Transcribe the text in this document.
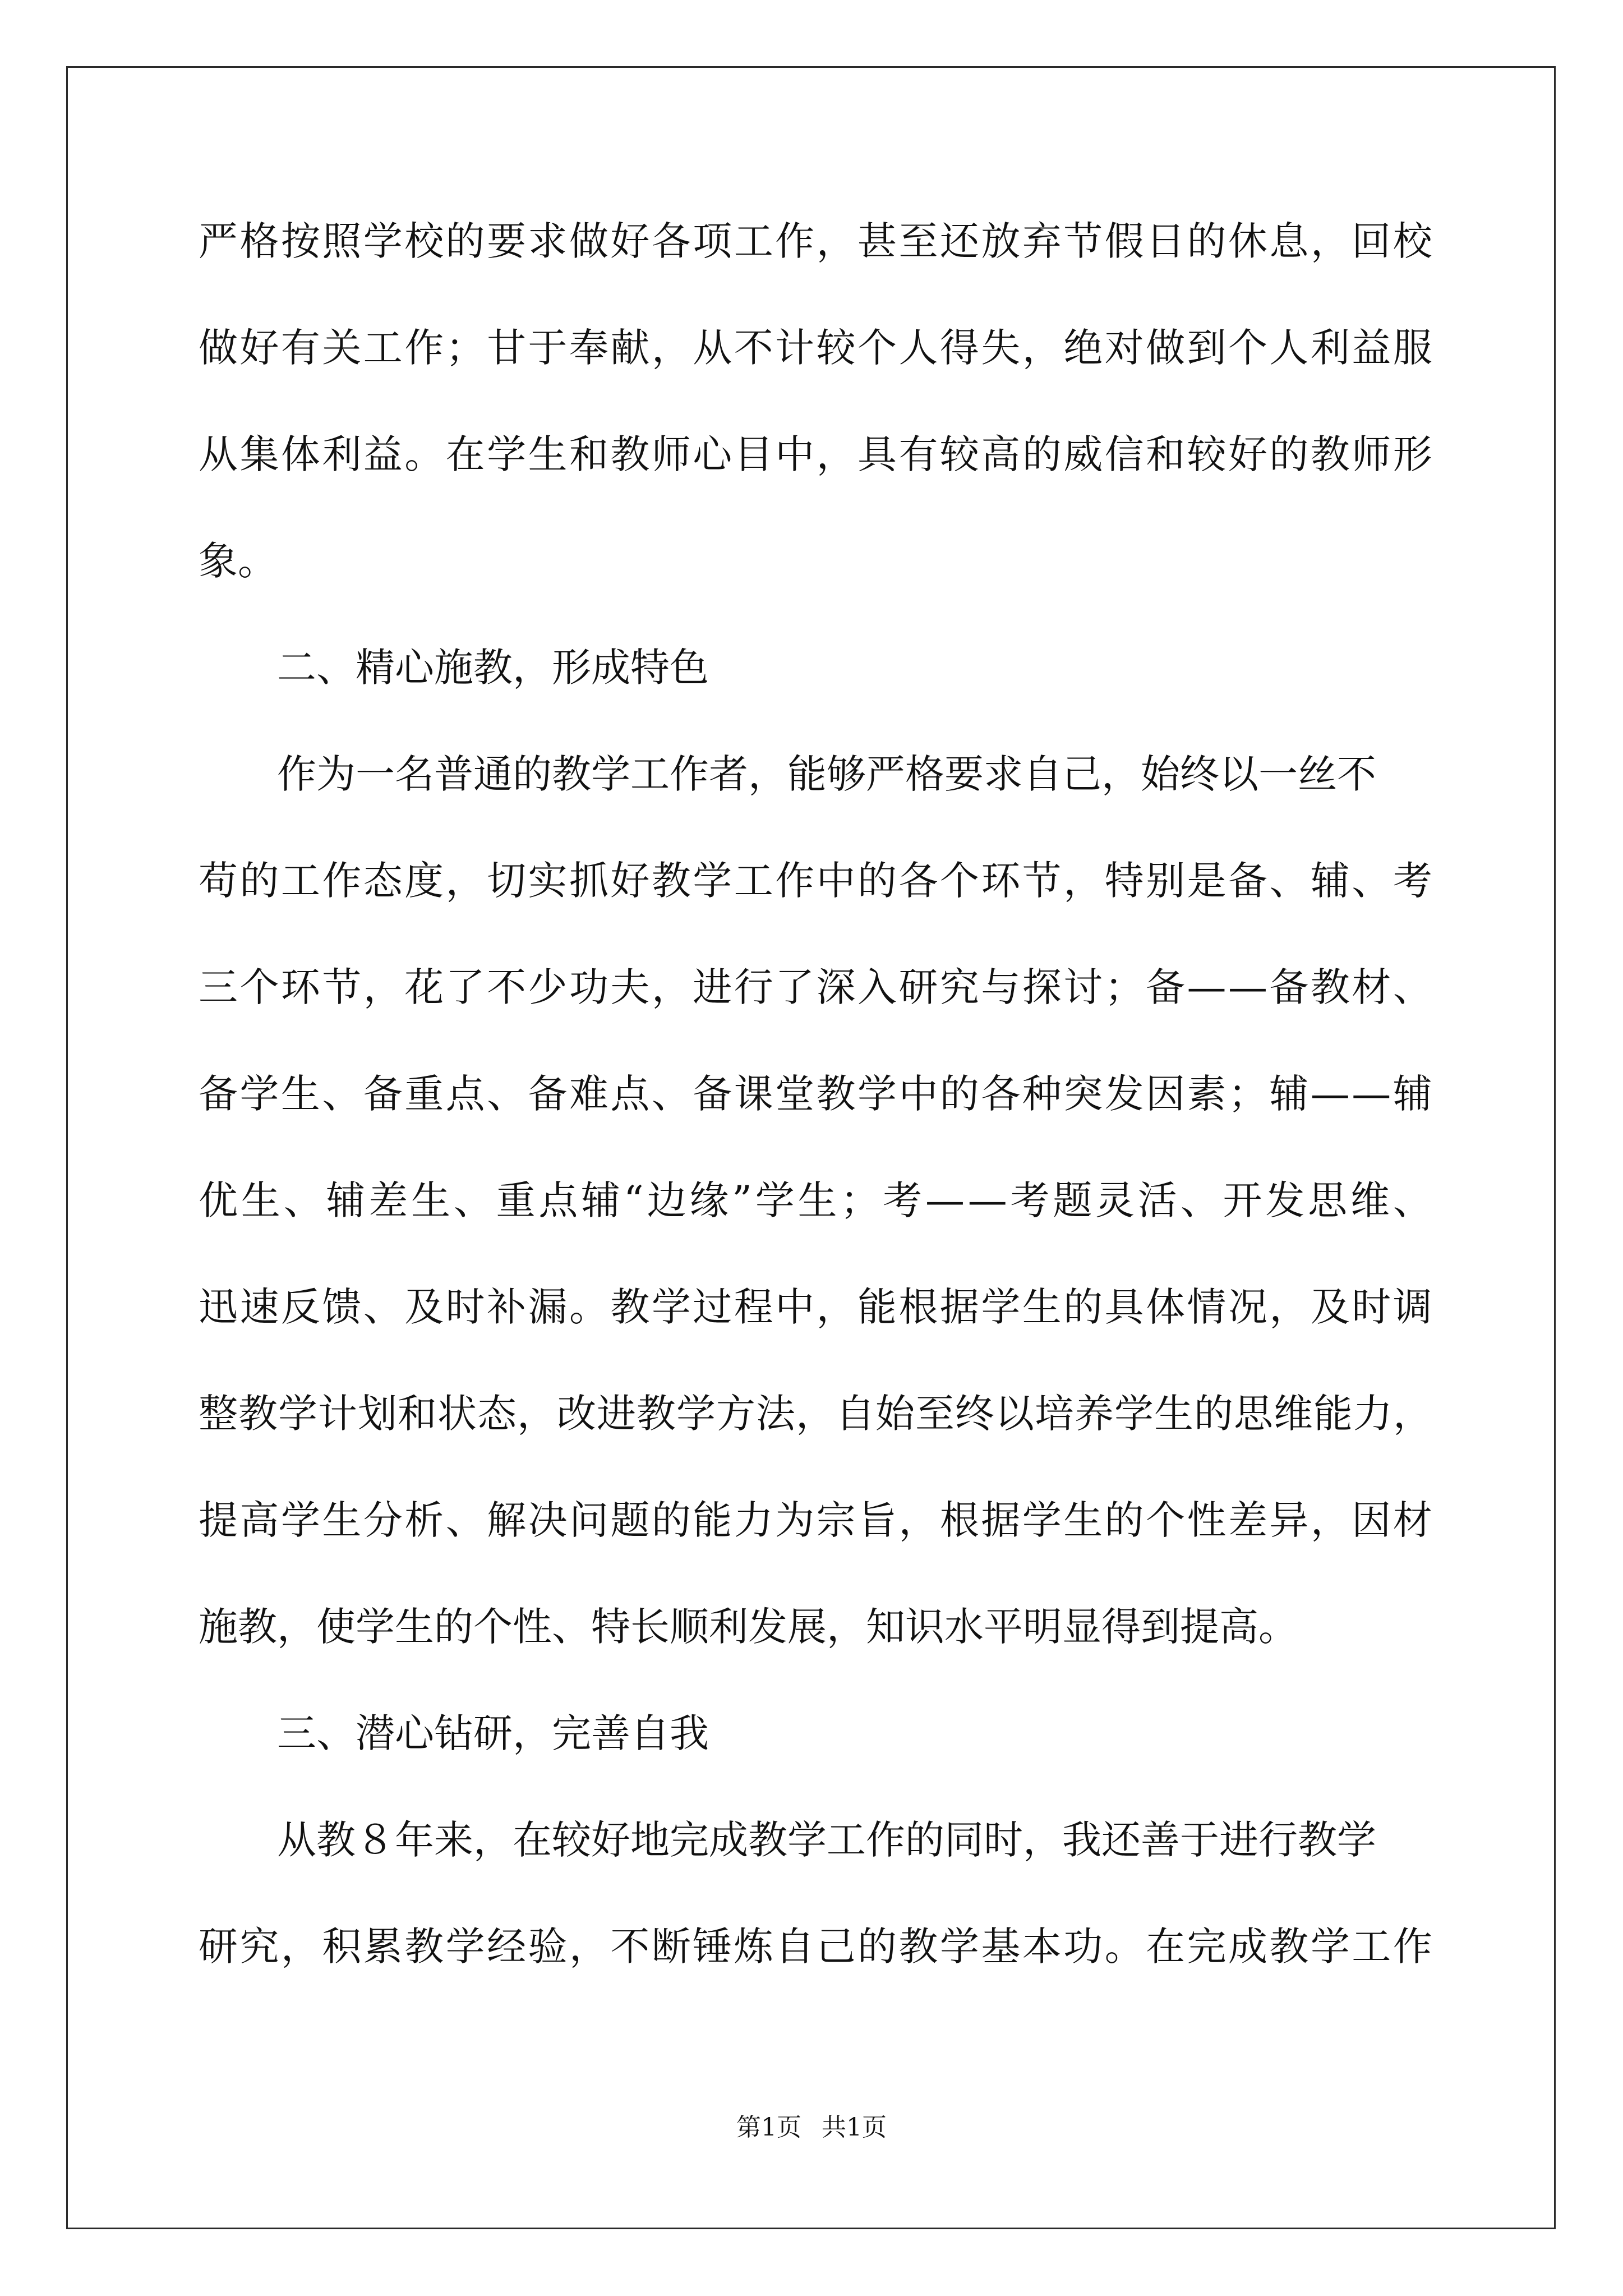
严 格 按 照 学 校 的 要 求 做 好 各 项 工 作 ， 甚 至 还 放 弃 节 假 日 的 休 息 ， 回 校
做 好 有 关 工 作 ； 甘 于 奉 献 ， 从 不 计 较 个 人 得 失 ， 绝 对 做 到 个 人 利 益 服
从 集 体 利 益 。 在 学 生 和 教 师 心 目 中 ， 具 有 较 高 的 威 信 和 较 好 的 教 师 形
象。
二、精心施教，形成特色
作为一名普通的教学工作者，能够严格要求自己，始终以一丝不
苟 的 工 作 态 度 ， 切 实 抓 好 教 学 工 作 中 的 各 个 环 节 ， 特 别 是 备 、 辅 、 考
三 个 环 节 ， 花 了 不 少 功 夫 ， 进 行 了 深 入 研 究 与 探 讨 ； 备 — — 备 教 材 、
备 学 生 、 备 重 点 、 备 难 点 、 备 课 堂 教 学 中 的 各 种 突 发 因 素 ； 辅 — — 辅
优 生 、 辅 差 生 、 重 点 辅 “ 边 缘 ” 学 生 ； 考 — — 考 题 灵 活 、 开 发 思 维 、
迅 速 反 馈 、 及 时 补 漏 。 教 学 过 程 中 ， 能 根 据 学 生 的 具 体 情 况 ， 及 时 调
整 教 学 计 划 和 状 态 ， 改 进 教 学 方 法 ， 自 始 至 终 以 培 养 学 生 的 思 维 能 力 ，
提 高 学 生 分 析 、 解 决 问 题 的 能 力 为 宗 旨 ， 根 据 学 生 的 个 性 差 异 ， 因 材
施教，使学生的个性、特长顺利发展，知识水平明显得到提高。
三、潜心钻研，完善自我
从教８年来，在较好地完成教学工作的同时，我还善于进行教学
研 究 ， 积 累 教 学 经 验 ， 不 断 锤 炼 自 己 的 教 学 基 本 功 。 在 完 成 教 学 工 作
第1页 共1页
